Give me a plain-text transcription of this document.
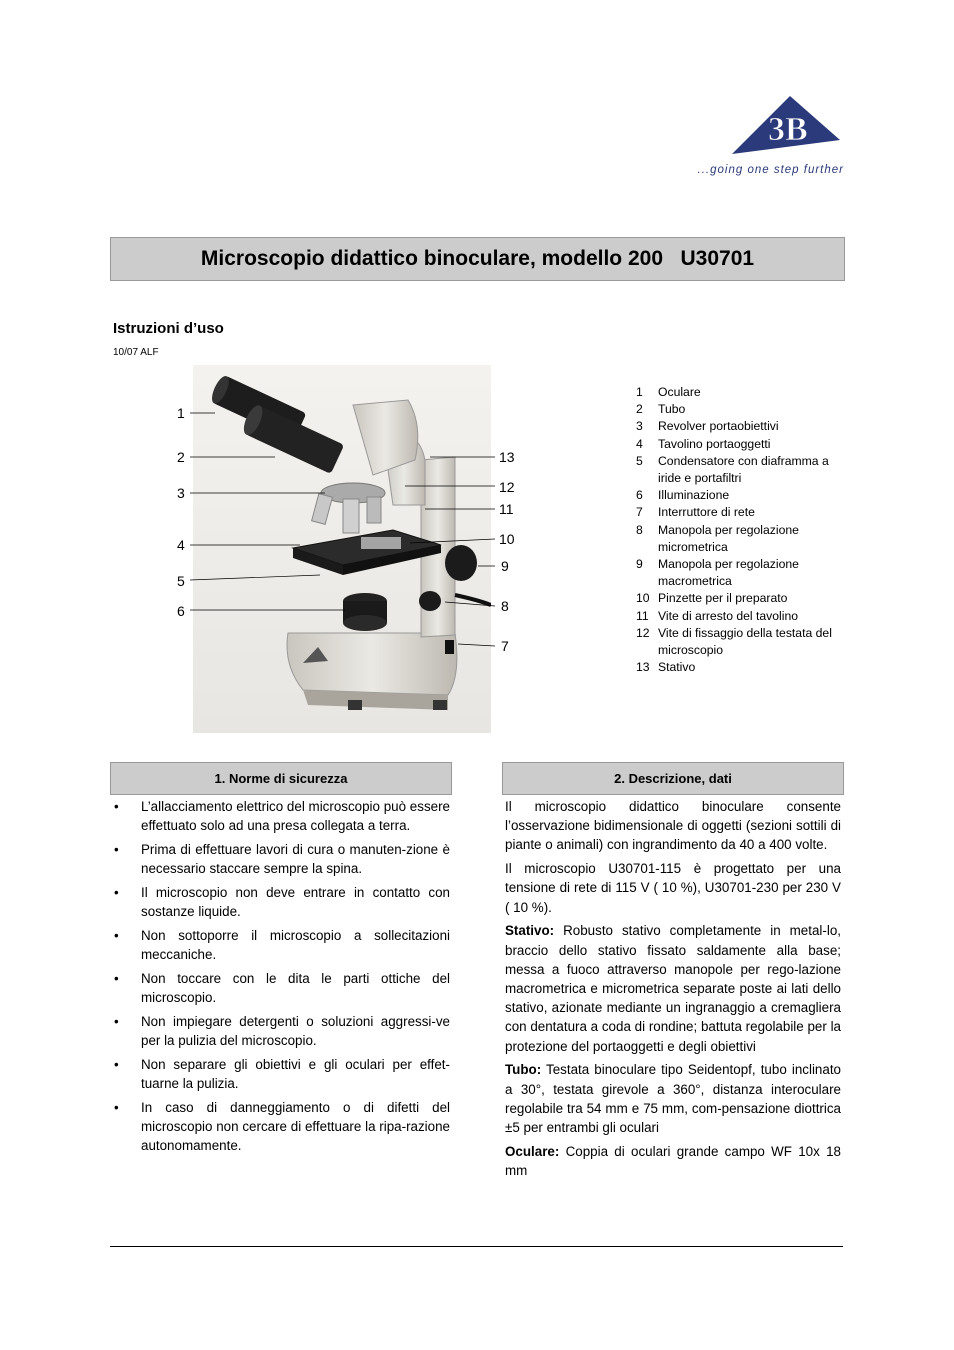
3B ®
...going one step further
Microscopio didattico binoculare, modello 200   U30701
Istruzioni d’uso
10/07 ALF
1
2
3
4
5
6
13
12
11
10
9
8
7
1	Oculare
2	Tubo
3	Revolver portaobiettivi
4	Tavolino portaoggetti
5	Condensatore con diaframma a iride e portafiltri
6	Illuminazione
7	Interruttore di rete
8	Manopola per regolazione micrometrica
9	Manopola per regolazione macrometrica
10 Pinzette per il preparato
11 Vite di arresto del tavolino
12 Vite di fissaggio della testata del microscopio
13 Stativo
1. Norme di sicurezza	2. Descrizione, dati
• L’allacciamento elettrico del microscopio può essere effettuato solo ad una presa collegata a terra.
• Prima di effettuare lavori di cura o manuten-zione è necessario staccare sempre la spina.
• Il microscopio non deve entrare in contatto con sostanze liquide.
• Non sottoporre il microscopio a sollecitazioni meccaniche.
• Non toccare con le dita le parti ottiche del microscopio.
• Non impiegare detergenti o soluzioni aggressi-ve per la pulizia del microscopio.
• Non separare gli obiettivi e gli oculari per effet-tuarne la pulizia.
• In caso di danneggiamento o di difetti del microscopio non cercare di effettuare la ripa-razione autonomamente.

Il microscopio didattico binoculare consente l’osservazione bidimensionale di oggetti (sezioni sottili di piante o animali) con ingrandimento da 40 a 400 volte.

Il microscopio U30701-115 è progettato per una tensione di rete di 115 V ( 10 %), U30701-230 per 230 V ( 10 %).

Stativo: Robusto stativo completamente in metal-lo, braccio dello stativo fissato saldamente alla base; messa a fuoco attraverso manopole per rego-lazione macrometrica e micrometrica separate poste ai lati dello stativo, azionate mediante un ingranaggio a cremagliera con dentatura a coda di rondine; battuta regolabile per la protezione del portaoggetti e degli obiettivi

Tubo: Testata binoculare tipo Seidentopf, tubo inclinato a 30°, testata girevole a 360°, distanza interoculare regolabile tra 54 mm e 75 mm, com-pensazione diottrica ±5 per entrambi gli oculari

Oculare: Coppia di oculari grande campo WF 10x 18 mm
